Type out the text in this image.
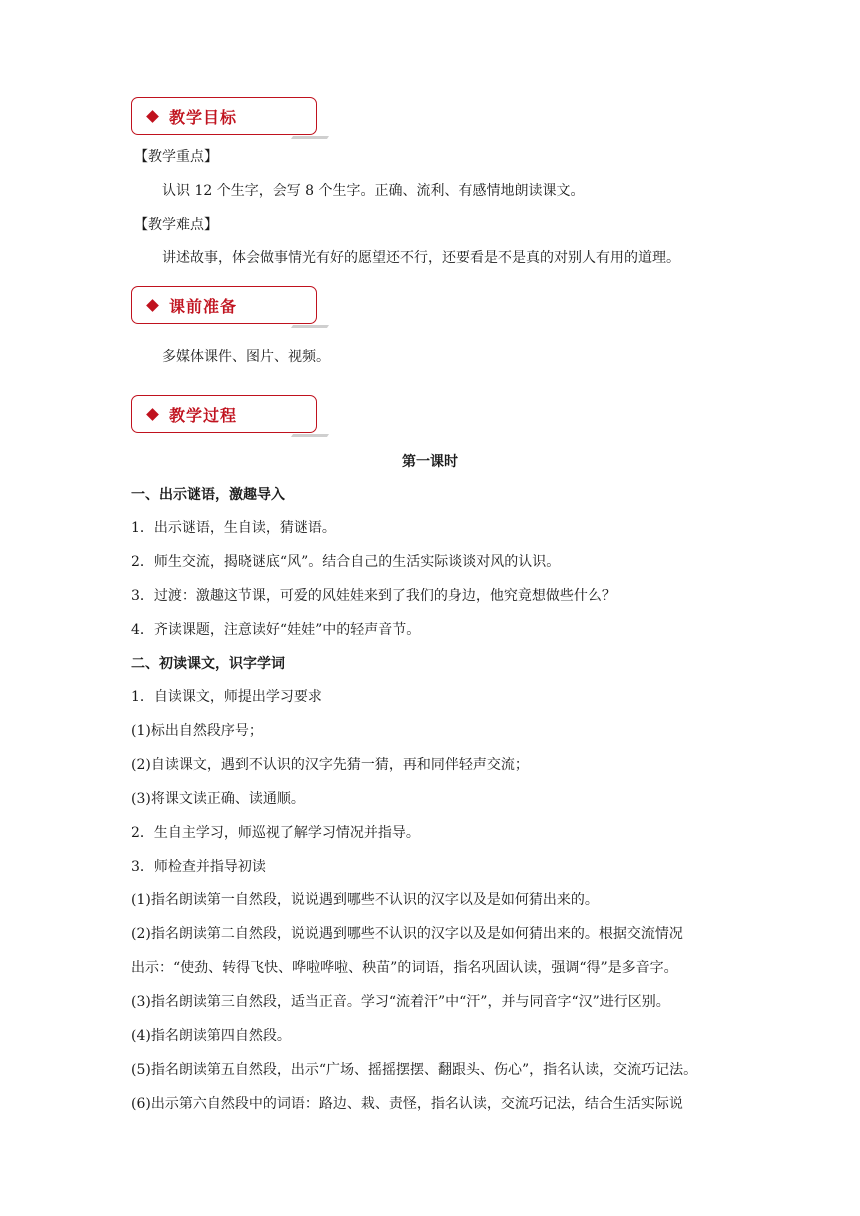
教学目标
【教学重点】
认识 12 个生字，会写 8 个生字。正确、流利、有感情地朗读课文。
【教学难点】
讲述故事，体会做事情光有好的愿望还不行，还要看是不是真的对别人有用的道理。
课前准备
多媒体课件、图片、视频。
教学过程
第一课时
一、出示谜语，激趣导入
1．出示谜语，生自读，猜谜语。
2．师生交流，揭晓谜底“风”。结合自己的生活实际谈谈对风的认识。
3．过渡：激趣这节课，可爱的风娃娃来到了我们的身边，他究竟想做些什么？
4．齐读课题，注意读好“娃娃”中的轻声音节。
二、初读课文，识字学词
1．自读课文，师提出学习要求
(1)标出自然段序号；
(2)自读课文，遇到不认识的汉字先猜一猜，再和同伴轻声交流；
(3)将课文读正确、读通顺。
2．生自主学习，师巡视了解学习情况并指导。
3．师检查并指导初读
(1)指名朗读第一自然段，说说遇到哪些不认识的汉字以及是如何猜出来的。
(2)指名朗读第二自然段，说说遇到哪些不认识的汉字以及是如何猜出来的。根据交流情况
出示：“使劲、转得飞快、哗啦哗啦、秧苗”的词语，指名巩固认读，强调“得”是多音字。
(3)指名朗读第三自然段，适当正音。学习“流着汗”中“汗”，并与同音字“汉”进行区别。
(4)指名朗读第四自然段。
(5)指名朗读第五自然段，出示“广场、摇摇摆摆、翻跟头、伤心”，指名认读，交流巧记法。
(6)出示第六自然段中的词语：路边、栽、责怪，指名认读，交流巧记法，结合生活实际说
